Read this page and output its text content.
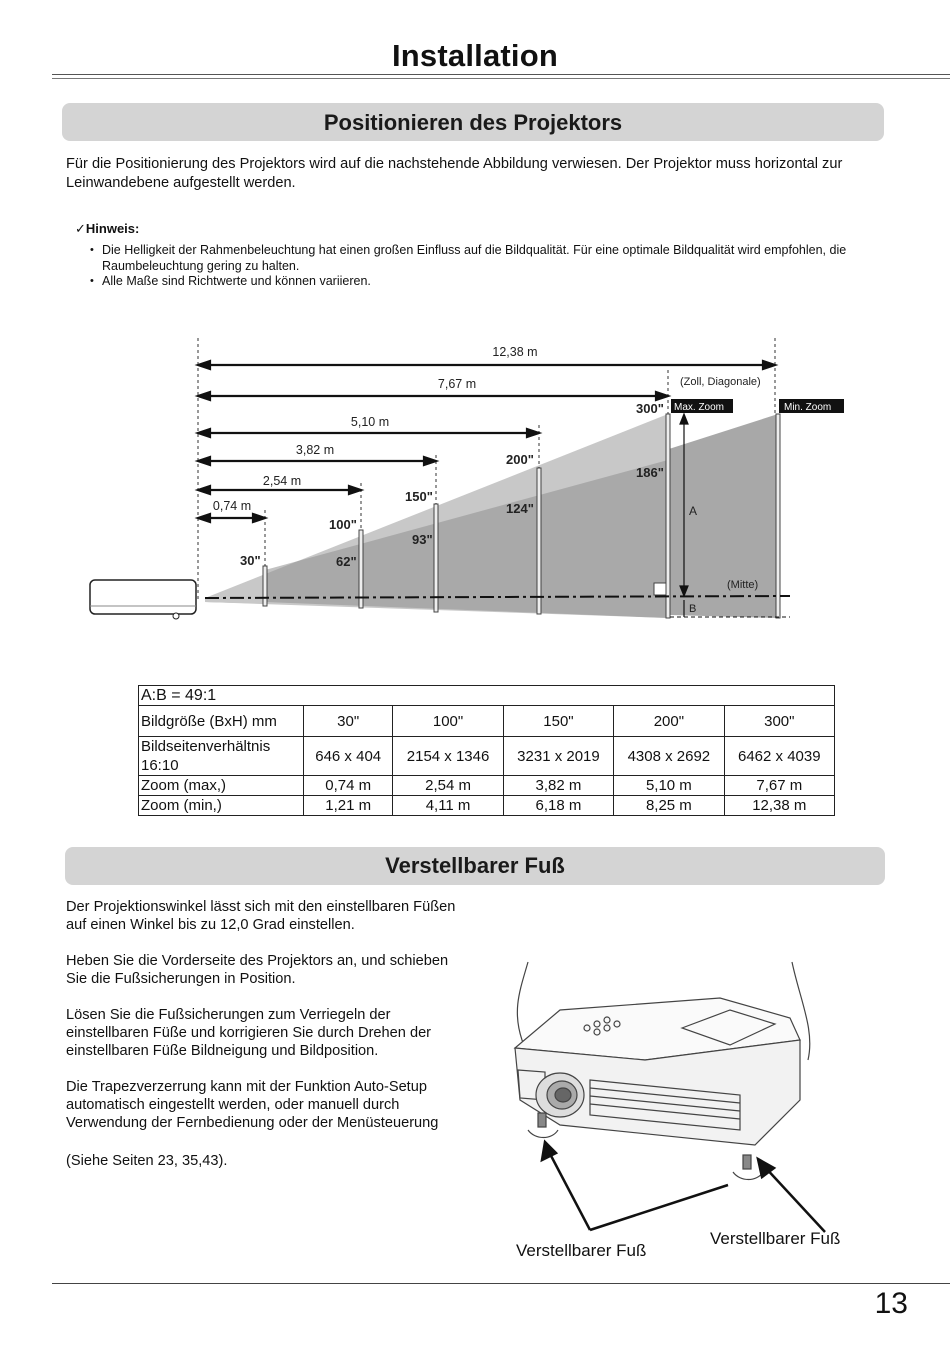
Installation
Positionieren des Projektors
Für die Positionierung des Projektors wird auf die nachstehende Abbildung verwiesen. Der Projektor muss horizontal zur Leinwandebene aufgestellt werden.
✓Hinweis:
• Die Helligkeit der Rahmenbeleuchtung hat einen großen Einfluss auf die Bildqualität. Für eine optimale Bildqualität wird empfohlen, die Raumbeleuchtung gering zu halten.
• Alle Maße sind Richtwerte und können variieren.
12,38 m
7,67 m
5,10 m
3,82 m
2,54 m
0,74 m
(Zoll, Diagonale)
Max. Zoom	Min. Zoom
30"
100"
150"
200"
300"
62"
93"
124"
186"
A
B
(Mitte)
A:B = 49:1					
Bildgröße (BxH) mm	30"	100"	150"	200"	300"

Bildseitenverhältnis
16:10	646 x 404	2154 x 1346	3231 x 2019	4308 x 2692	6462 x 4039
Zoom (max,)	0,74 m	2,54 m	3,82 m	5,10 m	7,67 m
Zoom (min,)	1,21 m	4,11 m	6,18 m	8,25 m	12,38 m
Verstellbarer Fuß
Der Projektionswinkel lässt sich mit den einstellbaren Füßen auf einen Winkel bis zu 12,0 Grad einstellen.
Heben Sie die Vorderseite des Projektors an, und schieben Sie die Fußsicherungen in Position.
Lösen Sie die Fußsicherungen zum Verriegeln der einstellbaren Füße und korrigieren Sie durch Drehen der einstellbaren Füße Bildneigung und Bildposition.
Die Trapezverzerrung kann mit der Funktion Auto-Setup automatisch eingestellt werden, oder manuell durch Verwendung der Fernbedienung oder der Menüsteuerung
(Siehe Seiten 23, 35,43).
Verstellbarer Fuß
Verstellbarer Fuß
13
